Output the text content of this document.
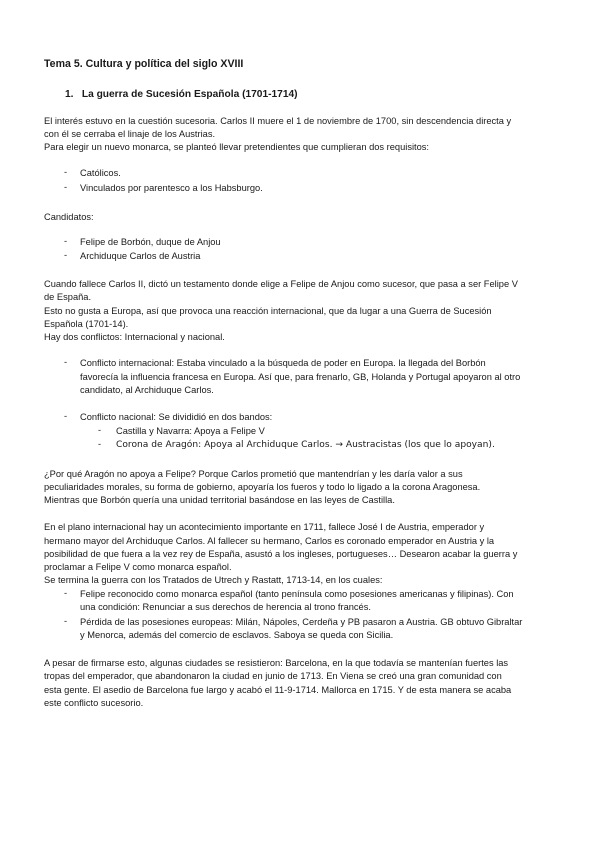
Tema 5. Cultura y política del siglo XVIII
1. La guerra de Sucesión Española (1701-1714)
El interés estuvo en la cuestión sucesoria. Carlos II muere el 1 de noviembre de 1700, sin descendencia directa y
con él se cerraba el linaje de los Austrias.
Para elegir un nuevo monarca, se planteó llevar pretendientes que cumplieran dos requisitos:
- Católicos.
- Vinculados por parentesco a los Habsburgo.
Candidatos:
- Felipe de Borbón, duque de Anjou
- Archiduque Carlos de Austria
Cuando fallece Carlos II, dictó un testamento donde elige a Felipe de Anjou como sucesor, que pasa a ser Felipe V
de España.
Esto no gusta a Europa, así que provoca una reacción internacional, que da lugar a una Guerra de Sucesión
Española (1701-14).
Hay dos conflictos: Internacional y nacional.
- Conflicto internacional: Estaba vinculado a la búsqueda de poder en Europa. la llegada del Borbón
favorecía la influencia francesa en Europa. Así que, para frenarlo, GB, Holanda y Portugal apoyaron al otro
candidato, al Archiduque Carlos.
- Conflicto nacional: Se divididió en dos bandos:
- Castilla y Navarra: Apoya a Felipe V
- Corona de Aragón: Apoya al Archiduque Carlos. → Austracistas (los que lo apoyan).
¿Por qué Aragón no apoya a Felipe? Porque Carlos prometió que mantendrían y les daría valor a sus
peculiaridades morales, su forma de gobierno, apoyaría los fueros y todo lo ligado a la corona Aragonesa.
Mientras que Borbón quería una unidad territorial basándose en las leyes de Castilla.
En el plano internacional hay un acontecimiento importante en 1711, fallece José I de Austria, emperador y
hermano mayor del Archiduque Carlos. Al fallecer su hermano, Carlos es coronado emperador en Austria y la
posibilidad de que fuera a la vez rey de España, asustó a los ingleses, portugueses… Desearon acabar la guerra y
proclamar a Felipe V como monarca español.
Se termina la guerra con los Tratados de Utrech y Rastatt, 1713-14, en los cuales:
- Felipe reconocido como monarca español (tanto península como posesiones americanas y filipinas). Con
una condición: Renunciar a sus derechos de herencia al trono francés.
- Pérdida de las posesiones europeas: Milán, Nápoles, Cerdeña y PB pasaron a Austria. GB obtuvo Gibraltar
y Menorca, además del comercio de esclavos. Saboya se queda con Sicilia.
A pesar de firmarse esto, algunas ciudades se resistieron: Barcelona, en la que todavía se mantenían fuertes las
tropas del emperador, que abandonaron la ciudad en junio de 1713. En Viena se creó una gran comunidad con
esta gente. El asedio de Barcelona fue largo y acabó el 11-9-1714. Mallorca en 1715. Y de esta manera se acaba
este conflicto sucesorio.
